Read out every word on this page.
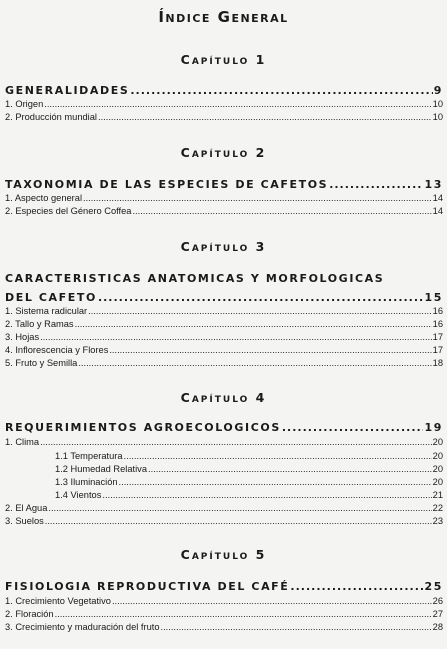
Índice General
Capítulo 1
GENERALIDADES .....	9
1. Origen .....	10
2. Producción mundial .....	10
Capítulo 2
TAXONOMIA DE LAS ESPECIES DE CAFETOS .....	13
1. Aspecto general .....	14
2. Especies del Género Coffea .....	14
Capítulo 3
CARACTERISTICAS ANATOMICAS Y MORFOLOGICAS
DEL CAFETO .....	15
1. Sistema radicular .....	16
2. Tallo y Ramas .....	16
3. Hojas .....	17
4. Inflorescencia y Flores .....	17
5. Fruto y Semilla .....	18
Capítulo 4
REQUERIMIENTOS AGROECOLOGICOS .....	19
1. Clima .....	20
1.1 Temperatura .....	20
1.2 Humedad Relativa .....	20
1.3 Iluminación .....	20
1.4 Vientos .....	21
2. El Agua .....	22
3. Suelos .....	23
Capítulo 5
FISIOLOGIA REPRODUCTIVA DEL CAFÉ .....	25
1. Crecimiento Vegetativo .....	26
2. Floración .....	27
3. Crecimiento y maduración del fruto .....	28
